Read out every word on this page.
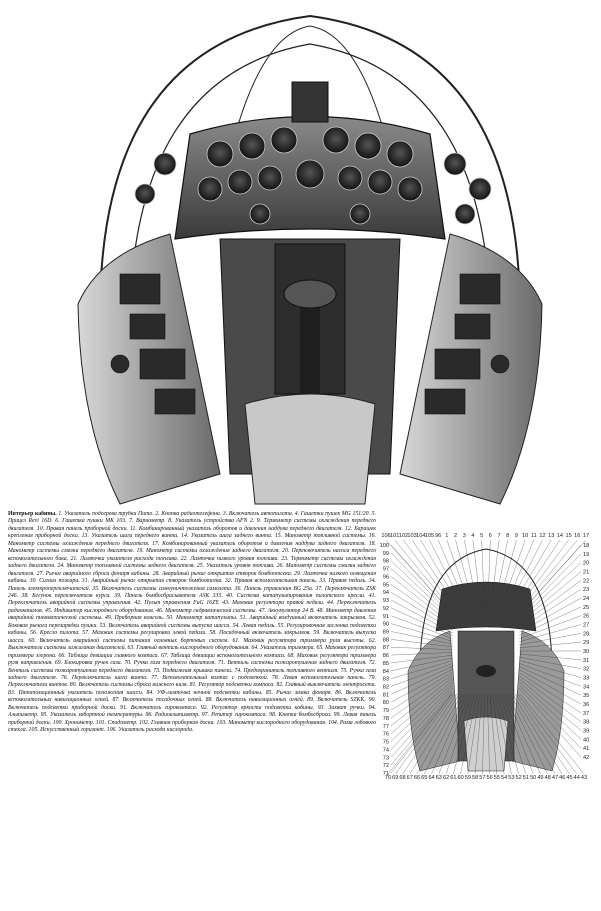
Интерьер кабины. 1. Указатель подогрева трубки Пито. 2. Кнопка радиотелефона. 3. Включатель автопилота. 4. Гашетки пушек MG 151/20. 5. Прицел Revi 16D. 6. Гашетка пушки MK 103. 7. Вариометр. 8. Указатель устройства AFN 2. 9. Термометр системы охлаждения переднего двигателя. 10. Правая панель приборной доски. 11. Комбинированный указатель оборотов и давления наддува переднего двигателя. 12. Барашек крепления приборной доски. 13. Указатель шага переднего винта. 14. Указатель шага заднего винта. 15. Манометр топливной системы. 16. Манометр системы охлаждения переднего двигателя. 17. Комбинированный указатель оборотов и давления наддува заднего двигателя. 18. Манометр системы смазки переднего двигателя. 19. Манометр системы охлаждения заднего двигателя. 20. Переключатель насоса переднего вспомогательного бака. 21. Лампочка указателя расхода топлива. 22. Лампочка низкого уровня топлива. 23. Термометр системы охлаждения заднего двигателя. 24. Манометр топливной системы заднего двигателя. 25. Указатель уровня топлива. 26. Манометр системы смазки заднего двигателя. 27. Рычаг аварийного сброса фонаря кабины. 28. Аварийный рычаг открытия створок бомбоотсека. 29. Лампочка низкого освещения кабины. 30. Сигнал пожара. 31. Аварийный рычаг открытия створок бомбоотсека. 32. Правая вспомогательная панель. 33. Правая педаль. 34. Панель электропереключателей. 35. Включатель системы самоуничтожения самолета. 36. Панель управления BG 25a. 37. Переключатель ZSK 246. 38. Бегунок переключателя курса. 39. Панель бомбосбрасывателя ASK 335. 40. Система катапультирования пилотского кресла. 41. Переключатель аварийной системы управления. 42. Пульт управления FuG 16ZY. 43. Маховик регулятора правой педали. 44. Переключатель радиоканалов. 45. Индикатор кислородного оборудования. 46. Манометр гидравлической системы. 47. Аккумулятор 24 В. 48. Манометр давления аварийной пневматической системы. 49. Приборная консоль. 50. Манометр катапульты. 51. Аварийный воздушный включатель закрылков. 52. Боковая рычага перезарядки пушки. 53. Включатель аварийной системы выпуска шасси. 54. Левая педаль. 55. Регулировочная заслонка подсветки кабины. 56. Кресло пилота. 57. Маховик системы регулировки левой педали. 58. Посадочный включатель закрылков. 59. Включатель выпуска шасси. 60. Включатель аварийной системы питания основных бортовых систем. 61. Маховик регулятора триммера руля высоты. 62. Выключатели системы зажигания двигателей. 63. Главный вентиль кислородного оборудования. 64. Указатель триммера. 65. Маховик регулятора триммера элерона. 66. Таблица девиации главного компаса. 67. Таблица девиации вспомогательного компаса. 68. Маховик регулятора триммера руля направления. 69. Блокировка ручек газа. 70. Ручка газа переднего двигателя. 71. Вентиль системы пожаротушения заднего двигателя. 72. Вентиль системы пожаротушения переднего двигателя. 73. Подвижная крышка панели. 74. Предохранитель топливного вентиля. 75. Ручка газа заднего двигателя. 76. Переключатель шага винта. 77. Вспомогательный компас с подсветкой. 78. Левая вспомогательная панель. 79. Переключатели винтов. 80. Включатель системы сброса нижнего киля. 81. Регулятор подсветки компаса. 82. Главный выключатель электросети. 83. Пятипозиционный указатель положения шасси. 84. УФ-лампочка ночной подсветки кабины. 85. Рычаг замка фонаря. 86. Включатель вспомогательных навигационных огней. 87. Включатель посадочных огней. 88. Включатель навигационных огней. 89. Включатель SZKK. 90. Включатель подсветки приборной доски. 91. Включатель гирокомпаса. 92. Регулятор яркости подсветки кабины. 93. Захват ручки. 94. Альтиметр. 95. Указатель забортной температуры. 96. Радиоальтиметр. 97. Репитер гирокомпаса. 98. Кнопка бомбосброса. 99. Левая панель приборной доски. 100. Хронометр. 101. Спидометр. 102. Главная приборная доска. 103. Манометр кислородного оборудования. 104. Рама лобового стекла. 105. Искусственный горизонт. 106. Указатель расхода кислорода.
106 101 102 103 104 105 96 1 2 3 4 5 6 7 8 9 10 11 12 13 14 15 16 17
100
99
98
97
96
95
94
93
92
91
90
89
88
87
86
85
84
83
82
81
80
79
78
77
76
75
74
73
72
71
18
19
20
21
22
23
24
25
26
27
28
29
30
31
32
33
34
35
36
37
38
39
40
41
42
70 69 68 67 66 65 64 63 62 61 60 59 58 57 56 55 54 53 52 51 50 49 48 47 46 45 44 43
